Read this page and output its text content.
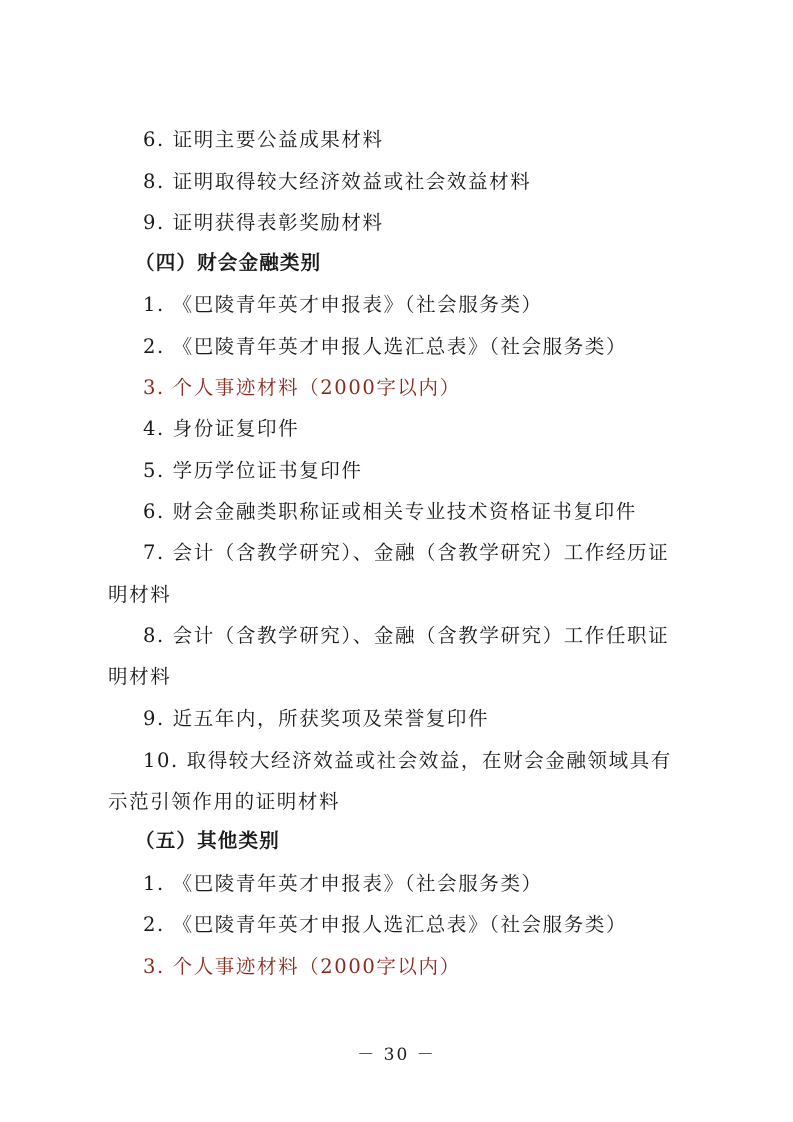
6. 证明主要公益成果材料
8. 证明取得较大经济效益或社会效益材料
9. 证明获得表彰奖励材料
（四）财会金融类别
1. 《巴陵青年英才申报表》（社会服务类）
2. 《巴陵青年英才申报人选汇总表》（社会服务类）
3. 个人事迹材料（2000字以内）
4. 身份证复印件
5. 学历学位证书复印件
6. 财会金融类职称证或相关专业技术资格证书复印件
7. 会计（含教学研究）、金融（含教学研究）工作经历证
明材料
8. 会计（含教学研究）、金融（含教学研究）工作任职证
明材料
9. 近五年内，所获奖项及荣誉复印件
10. 取得较大经济效益或社会效益，在财会金融领域具有
示范引领作用的证明材料
（五）其他类别
1. 《巴陵青年英才申报表》（社会服务类）
2. 《巴陵青年英才申报人选汇总表》（社会服务类）
3. 个人事迹材料（2000字以内）
－ 30 －
